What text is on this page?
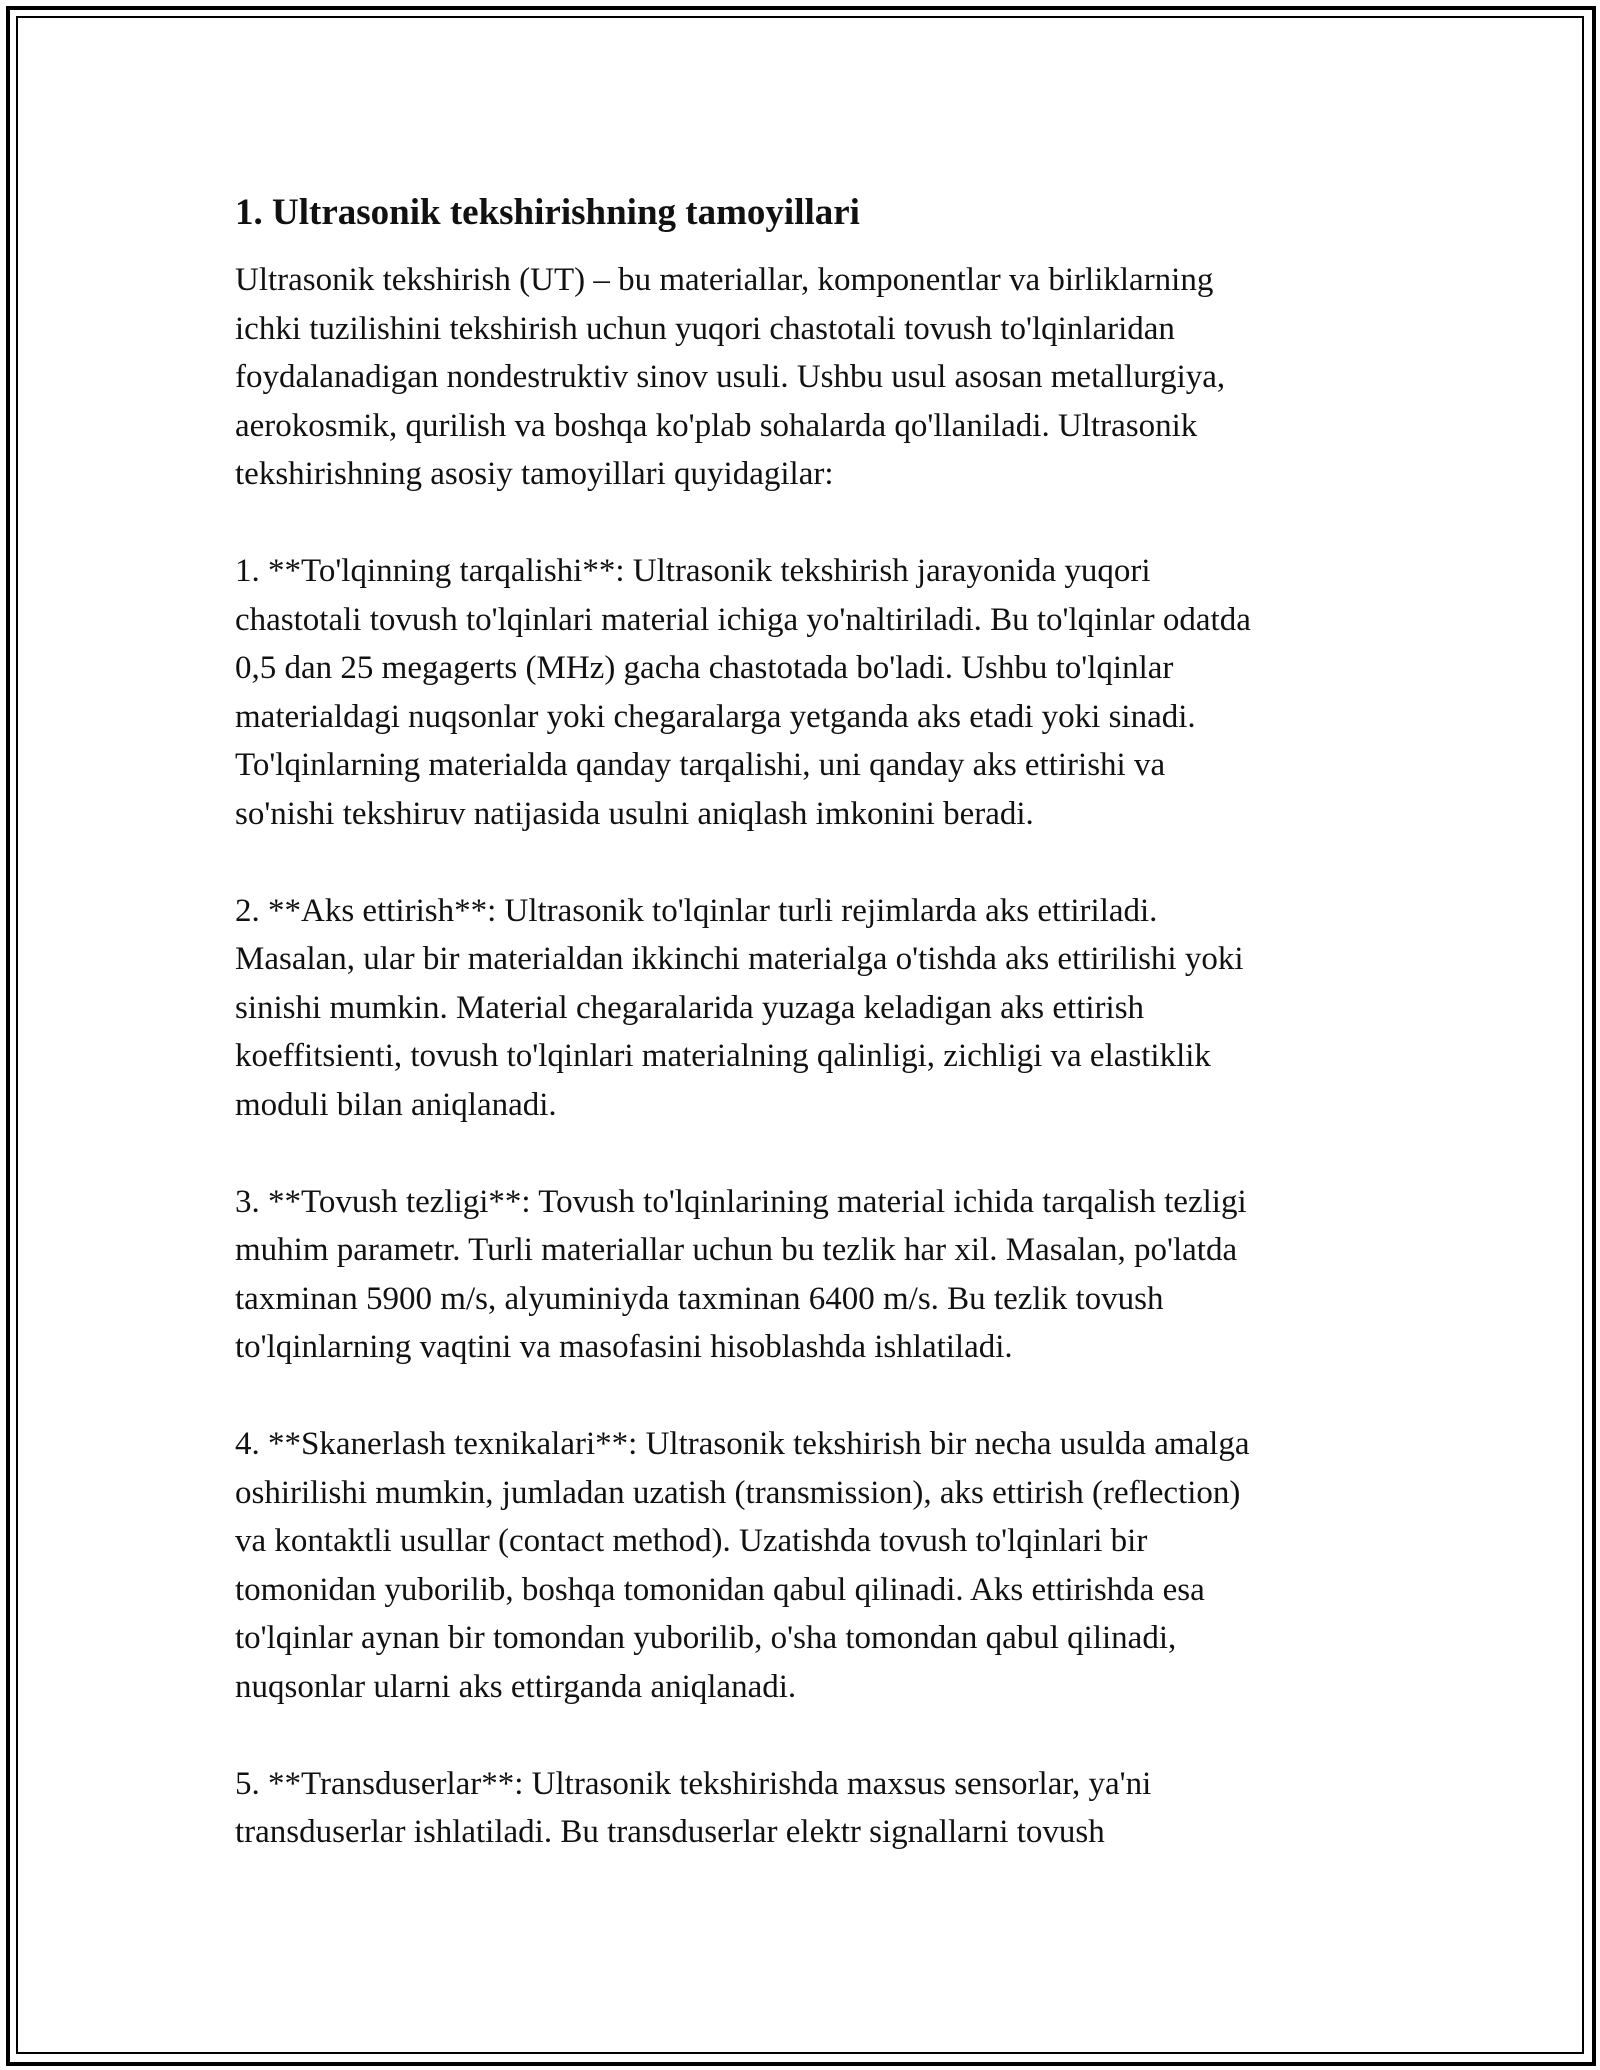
1. Ultrasonik tekshirishning tamoyillari

Ultrasonik tekshirish (UT) – bu materiallar, komponentlar va birliklarning
ichki tuzilishini tekshirish uchun yuqori chastotali tovush to'lqinlaridan
foydalanadigan nondestruktiv sinov usuli. Ushbu usul asosan metallurgiya,
aerokosmik, qurilish va boshqa ko'plab sohalarda qo'llaniladi. Ultrasonik
tekshirishning asosiy tamoyillari quyidagilar:

1. **To'lqinning tarqalishi**: Ultrasonik tekshirish jarayonida yuqori
chastotali tovush to'lqinlari material ichiga yo'naltiriladi. Bu to'lqinlar odatda
0,5 dan 25 megagerts (MHz) gacha chastotada bo'ladi. Ushbu to'lqinlar
materialdagi nuqsonlar yoki chegaralarga yetganda aks etadi yoki sinadi.
To'lqinlarning materialda qanday tarqalishi, uni qanday aks ettirishi va
so'nishi tekshiruv natijasida usulni aniqlash imkonini beradi.

2. **Aks ettirish**: Ultrasonik to'lqinlar turli rejimlarda aks ettiriladi.
Masalan, ular bir materialdan ikkinchi materialga o'tishda aks ettirilishi yoki
sinishi mumkin. Material chegaralarida yuzaga keladigan aks ettirish
koeffitsienti, tovush to'lqinlari materialning qalinligi, zichligi va elastiklik
moduli bilan aniqlanadi.

3. **Tovush tezligi**: Tovush to'lqinlarining material ichida tarqalish tezligi
muhim parametr. Turli materiallar uchun bu tezlik har xil. Masalan, po'latda
taxminan 5900 m/s, alyuminiyda taxminan 6400 m/s. Bu tezlik tovush
to'lqinlarning vaqtini va masofasini hisoblashda ishlatiladi.

4. **Skanerlash texnikalari**: Ultrasonik tekshirish bir necha usulda amalga
oshirilishi mumkin, jumladan uzatish (transmission), aks ettirish (reflection)
va kontaktli usullar (contact method). Uzatishda tovush to'lqinlari bir
tomonidan yuborilib, boshqa tomonidan qabul qilinadi. Aks ettirishda esa
to'lqinlar aynan bir tomondan yuborilib, o'sha tomondan qabul qilinadi,
nuqsonlar ularni aks ettirganda aniqlanadi.

5. **Transduserlar**: Ultrasonik tekshirishda maxsus sensorlar, ya'ni
transduserlar ishlatiladi. Bu transduserlar elektr signallarni tovush
